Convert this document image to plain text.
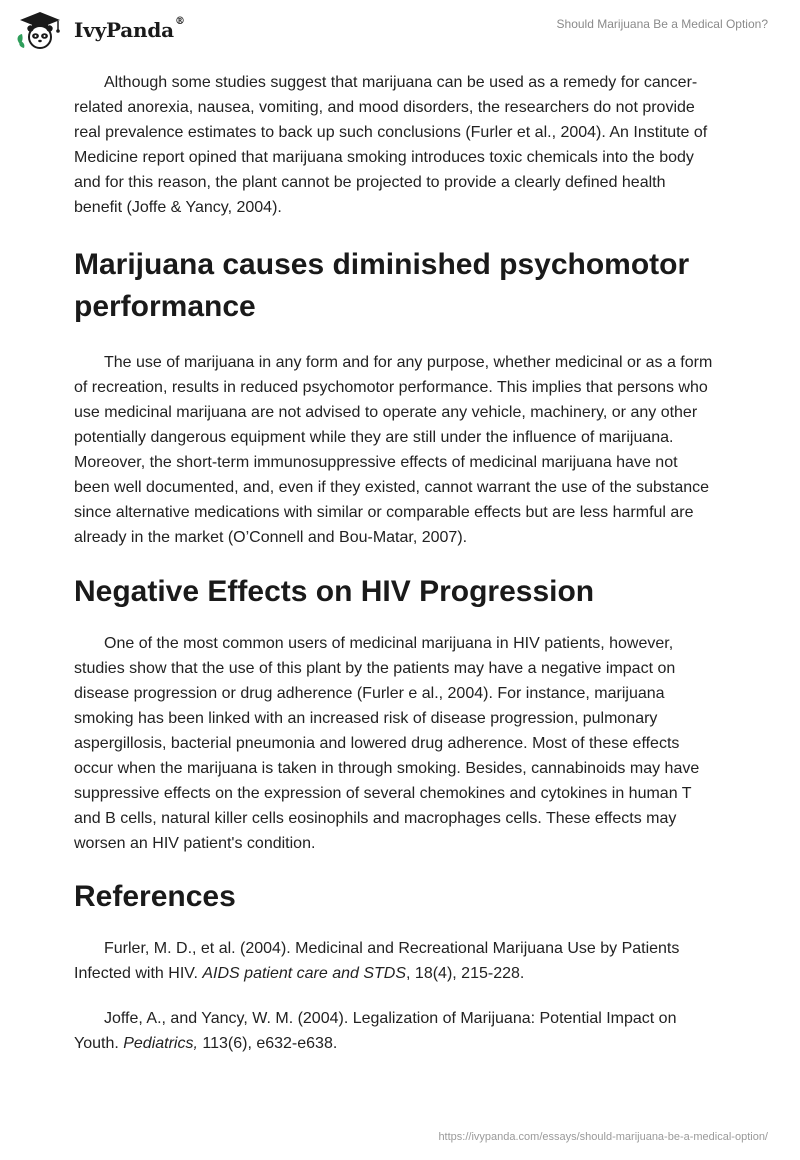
IvyPanda®	Should Marijuana Be a Medical Option?

Although some studies suggest that marijuana can be used as a remedy for cancer-related anorexia, nausea, vomiting, and mood disorders, the researchers do not provide real prevalence estimates to back up such conclusions (Furler et al., 2004). An Institute of Medicine report opined that marijuana smoking introduces toxic chemicals into the body and for this reason, the plant cannot be projected to provide a clearly defined health benefit (Joffe & Yancy, 2004).

Marijuana causes diminished psychomotor performance

The use of marijuana in any form and for any purpose, whether medicinal or as a form of recreation, results in reduced psychomotor performance. This implies that persons who use medicinal marijuana are not advised to operate any vehicle, machinery, or any other potentially dangerous equipment while they are still under the influence of marijuana. Moreover, the short-term immunosuppressive effects of medicinal marijuana have not been well documented, and, even if they existed, cannot warrant the use of the substance since alternative medications with similar or comparable effects but are less harmful are already in the market (O’Connell and Bou-Matar, 2007).

Negative Effects on HIV Progression

One of the most common users of medicinal marijuana in HIV patients, however, studies show that the use of this plant by the patients may have a negative impact on disease progression or drug adherence (Furler e al., 2004). For instance, marijuana smoking has been linked with an increased risk of disease progression, pulmonary aspergillosis, bacterial pneumonia and lowered drug adherence. Most of these effects occur when the marijuana is taken in through smoking. Besides, cannabinoids may have suppressive effects on the expression of several chemokines and cytokines in human T and B cells, natural killer cells eosinophils and macrophages cells. These effects may worsen an HIV patient's condition.

References

Furler, M. D., et al. (2004). Medicinal and Recreational Marijuana Use by Patients Infected with HIV. AIDS patient care and STDS, 18(4), 215-228.

Joffe, A., and Yancy, W. M. (2004). Legalization of Marijuana: Potential Impact on Youth. Pediatrics, 113(6), e632-e638.

https://ivypanda.com/essays/should-marijuana-be-a-medical-option/
